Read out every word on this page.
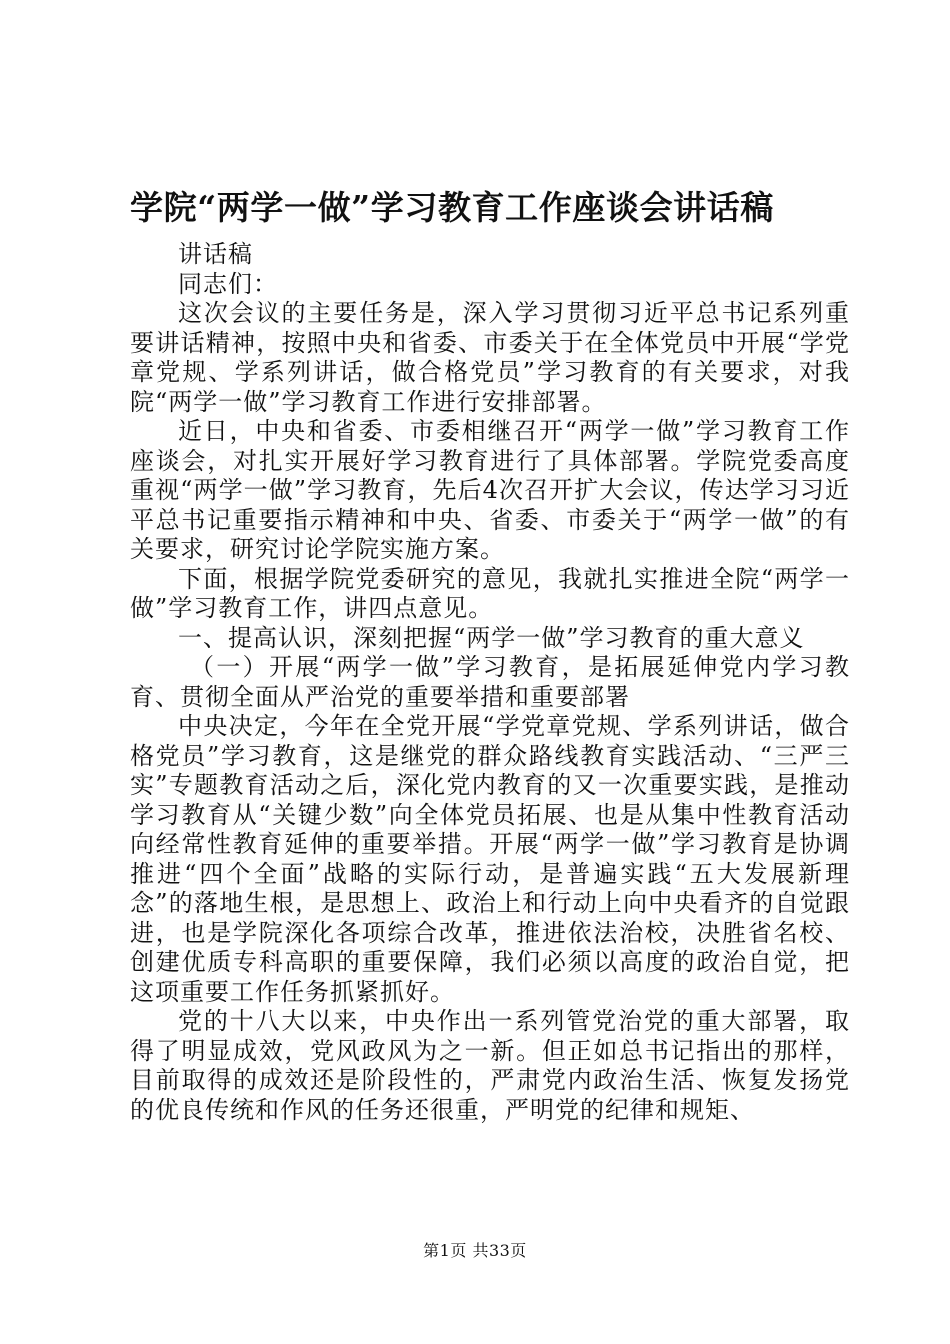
学院“两学一做”学习教育工作座谈会讲话稿

讲话稿

同志们：

这次会议的主要任务是，深入学习贯彻习近平总书记系列重要讲话精神，按照中央和省委、市委关于在全体党员中开展“学党章党规、学系列讲话，做合格党员”学习教育的有关要求，对我院“两学一做”学习教育工作进行安排部署。

近日，中央和省委、市委相继召开“两学一做”学习教育工作座谈会，对扎实开展好学习教育进行了具体部署。学院党委高度重视“两学一做”学习教育，先后4次召开扩大会议，传达学习习近平总书记重要指示精神和中央、省委、市委关于“两学一做”的有关要求，研究讨论学院实施方案。

下面，根据学院党委研究的意见，我就扎实推进全院“两学一做”学习教育工作，讲四点意见。

一、提高认识，深刻把握“两学一做”学习教育的重大意义

（一）开展“两学一做”学习教育，是拓展延伸党内学习教育、贯彻全面从严治党的重要举措和重要部署

中央决定，今年在全党开展“学党章党规、学系列讲话，做合格党员”学习教育，这是继党的群众路线教育实践活动、“三严三实”专题教育活动之后，深化党内教育的又一次重要实践，是推动学习教育从“关键少数”向全体党员拓展、也是从集中性教育活动向经常性教育延伸的重要举措。开展“两学一做”学习教育是协调推进“四个全面”战略的实际行动，是普遍实践“五大发展新理念”的落地生根，是思想上、政治上和行动上向中央看齐的自觉跟进，也是学院深化各项综合改革，推进依法治校，决胜省名校、创建优质专科高职的重要保障，我们必须以高度的政治自觉，把这项重要工作任务抓紧抓好。

党的十八大以来，中央作出一系列管党治党的重大部署，取得了明显成效，党风政风为之一新。但正如总书记指出的那样，目前取得的成效还是阶段性的，严肃党内政治生活、恢复发扬党的优良传统和作风的任务还很重，严明党的纪律和规矩、

第1页 共33页
